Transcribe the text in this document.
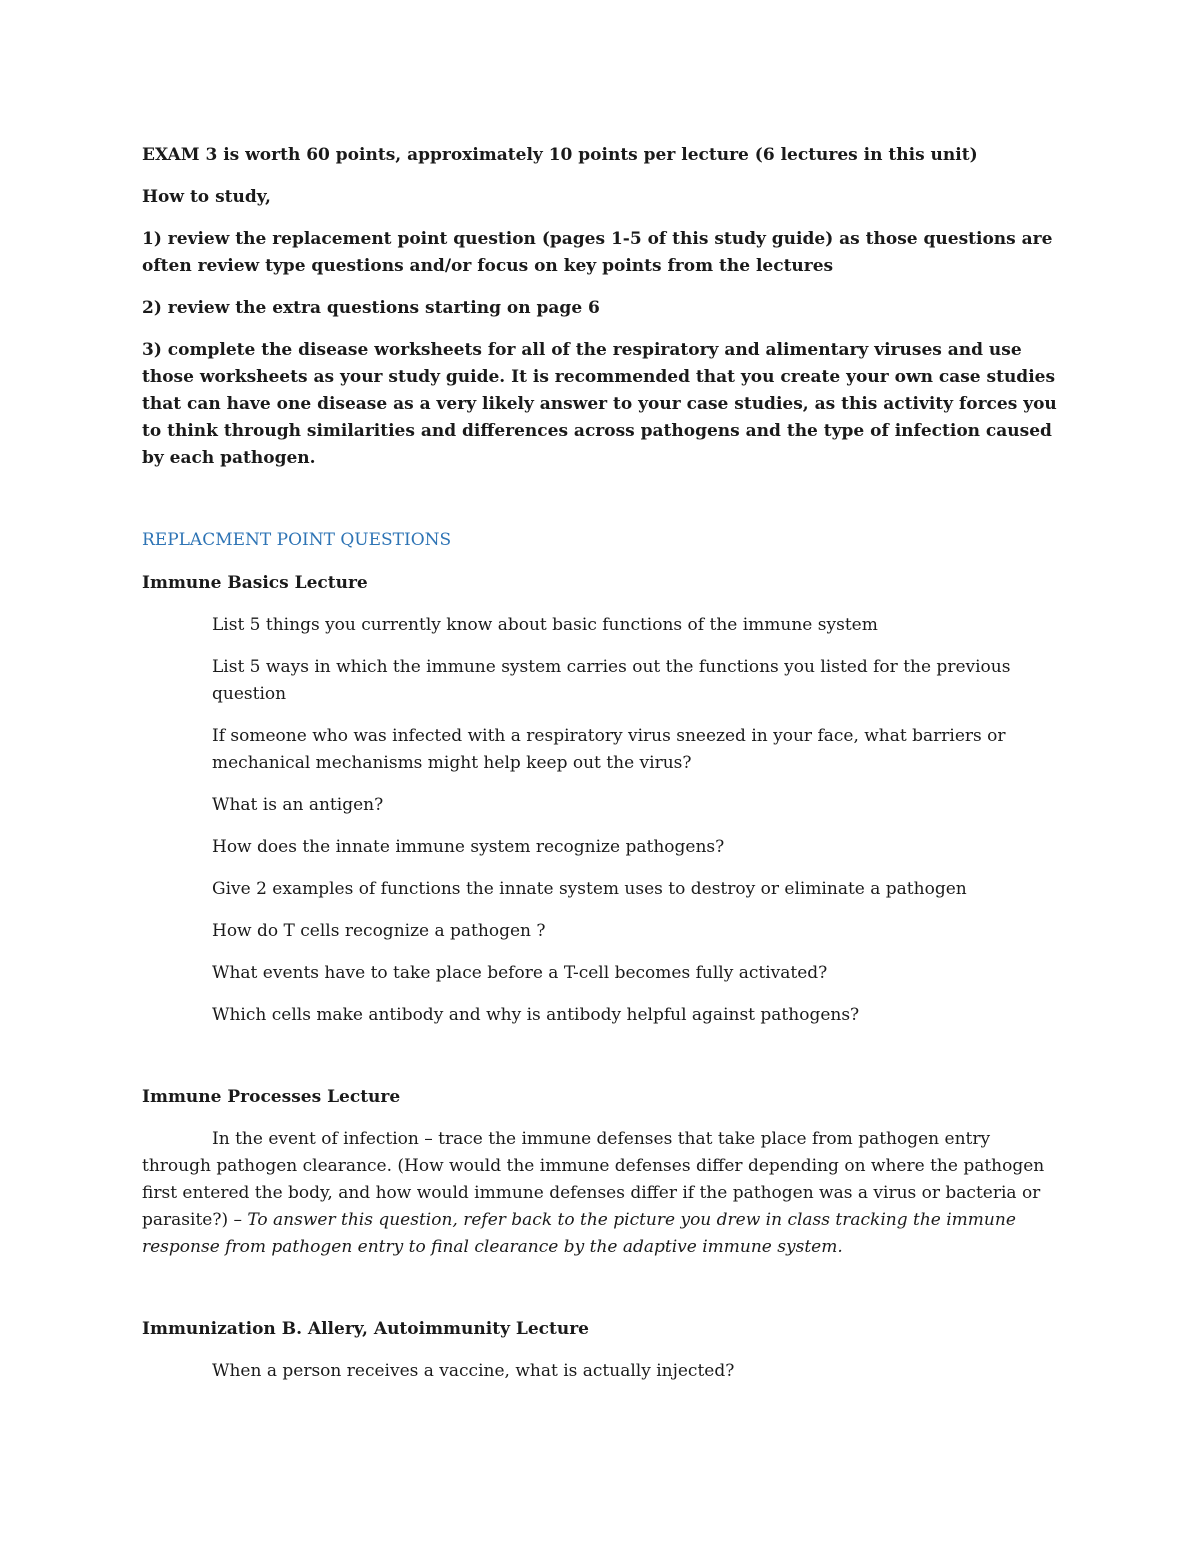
EXAM 3 is worth 60 points, approximately 10 points per lecture (6 lectures in this unit)

How to study,

1) review the replacement point question (pages 1-5 of this study guide) as those questions are often review type questions and/or focus on key points from the lectures

2) review the extra questions starting on page 6

3) complete the disease worksheets for all of the respiratory and alimentary viruses and use those worksheets as your study guide. It is recommended that you create your own case studies that can have one disease as a very likely answer to your case studies, as this activity forces you to think through similarities and differences across pathogens and the type of infection caused by each pathogen.

REPLACMENT POINT QUESTIONS

Immune Basics Lecture

List 5 things you currently know about basic functions of the immune system
List 5 ways in which the immune system carries out the functions you listed for the previous question
If someone who was infected with a respiratory virus sneezed in your face, what barriers or mechanical mechanisms might help keep out the virus?
What is an antigen?
How does the innate immune system recognize pathogens?
Give 2 examples of functions the innate system uses to destroy or eliminate a pathogen
How do T cells recognize a pathogen ?
What events have to take place before a T-cell becomes fully activated?
Which cells make antibody and why is antibody helpful against pathogens?

Immune Processes Lecture

In the event of infection – trace the immune defenses that take place from pathogen entry through pathogen clearance. (How would the immune defenses differ depending on where the pathogen first entered the body, and how would immune defenses differ if the pathogen was a virus or bacteria or parasite?) – To answer this question, refer back to the picture you drew in class tracking the immune response from pathogen entry to final clearance by the adaptive immune system.

Immunization B. Allery, Autoimmunity Lecture

When a person receives a vaccine, what is actually injected?
